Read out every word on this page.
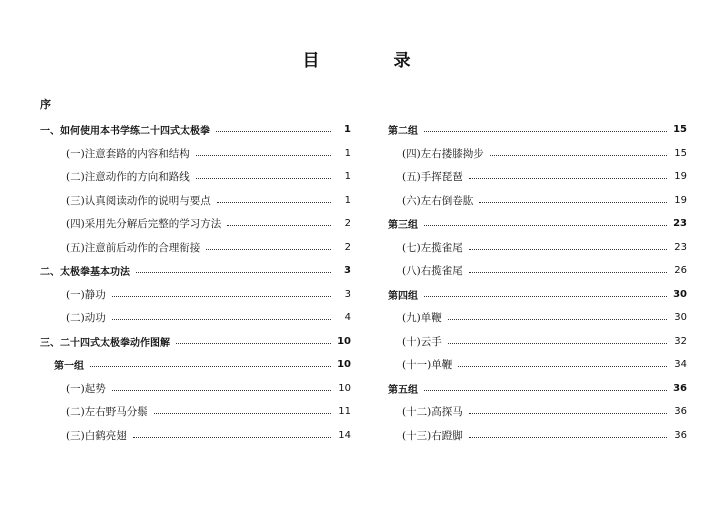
目 录
序
一、如何使用本书学练二十四式太极拳	1
(一)注意套路的内容和结构	1
(二)注意动作的方向和路线	1
(三)认真阅读动作的说明与要点	1
(四)采用先分解后完整的学习方法	2
(五)注意前后动作的合理衔接	2
二、太极拳基本功法	3
(一)静功	3
(二)动功	4
三、二十四式太极拳动作图解	10
第一组	10
(一)起势	10
(二)左右野马分鬃	11
(三)白鹤亮翅	14
第二组	15
(四)左右搂膝拗步	15
(五)手挥琵琶	19
(六)左右倒卷肱	19
第三组	23
(七)左揽雀尾	23
(八)右揽雀尾	26
第四组	30
(九)单鞭	30
(十)云手	32
(十一)单鞭	34
第五组	36
(十二)高探马	36
(十三)右蹬脚	36
